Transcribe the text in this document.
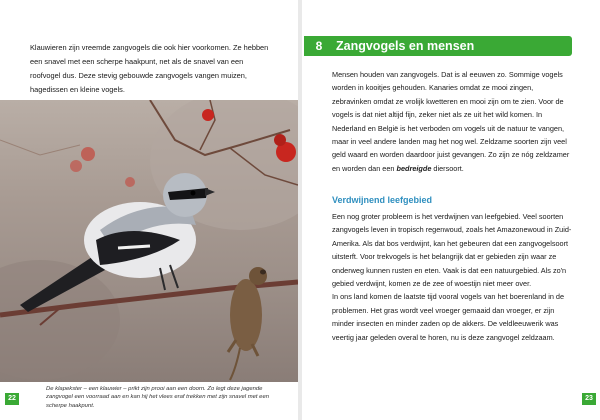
Klauwieren zijn vreemde zangvogels die ook hier voorkomen. Ze hebben een snavel met een scherpe haakpunt, net als de snavel van een roofvogel dus. Deze stevig gebouwde zangvogels vangen muizen, hagedissen en kleine vogels.

De klapekster – een klauwier – prikt zijn prooi aan een doorn. Zo legt deze jagende zangvogel een voorraad aan en kan hij het vlees eraf trekken met zijn snavel met een scherpe haakpunt.

22
8	Zangvogels en mensen

Mensen houden van zangvogels. Dat is al eeuwen zo. Sommige vogels worden in kooitjes gehouden. Kanaries omdat ze mooi zingen, zebravinken omdat ze vrolijk kwetteren en mooi zijn om te zien. Voor de vogels is dat niet altijd fijn, zeker niet als ze uit het wild komen. In Nederland en België is het verboden om vogels uit de natuur te vangen, maar in veel andere landen mag het nog wel. Zeldzame soorten zijn veel geld waard en worden daardoor juist gevangen. Zo zijn ze nóg zeldzamer en worden dan een bedreigde diersoort.

Verdwijnend leefgebied

Een nog groter probleem is het verdwijnen van leefgebied. Veel soorten zangvogels leven in tropisch regenwoud, zoals het Amazonewoud in Zuid-Amerika. Als dat bos verdwijnt, kan het gebeuren dat een zangvogelsoort uitsterft. Voor trekvogels is het belangrijk dat er gebieden zijn waar ze onderweg kunnen rusten en eten. Vaak is dat een natuurgebied. Als zo'n gebied verdwijnt, komen ze de zee of woestijn niet meer over.
In ons land komen de laatste tijd vooral vogels van het boerenland in de problemen. Het gras wordt veel vroeger gemaaid dan vroeger, er zijn minder insecten en minder zaden op de akkers. De veldleeuwerik was veertig jaar geleden overal te horen, nu is deze zangvogel zeldzaam.

23
